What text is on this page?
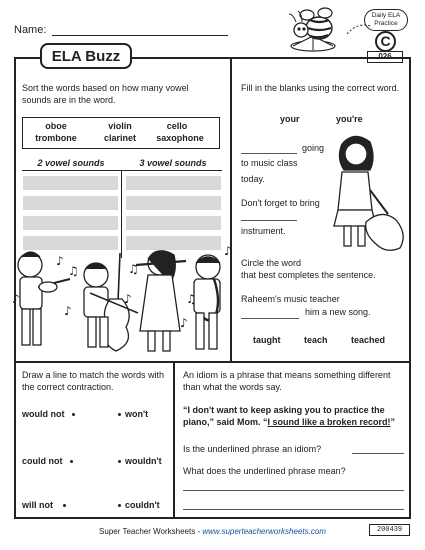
Name:
Daily ELA
Practice
C
026
ELA Buzz
Sort the words based on how many vowel sounds are in the word.
oboe	violin	cello
trombone	clarinet	saxophone
2 vowel sounds	3 vowel sounds
♪
♫
♪
♪
♫
♪	♫
♪
♪
Fill in the blanks using the correct word.
your	you're
going
to music class
today.
Don't forget to bring
instrument.
Circle the word
that best completes the sentence.
Raheem's music teacher
him a new song.
taught	teach	teached
Draw a line to match the words with the correct contraction.
would not	won't
could not	wouldn't
will not	couldn't
An idiom is a phrase that means something different than what the words say.
“I don't want to keep asking you to practice the piano,” said Mom. “I sound like a broken record!”
Is the underlined phrase an idiom?
What does the underlined phrase mean?
Super Teacher Worksheets - www.superteacherworksheets.com	200439
